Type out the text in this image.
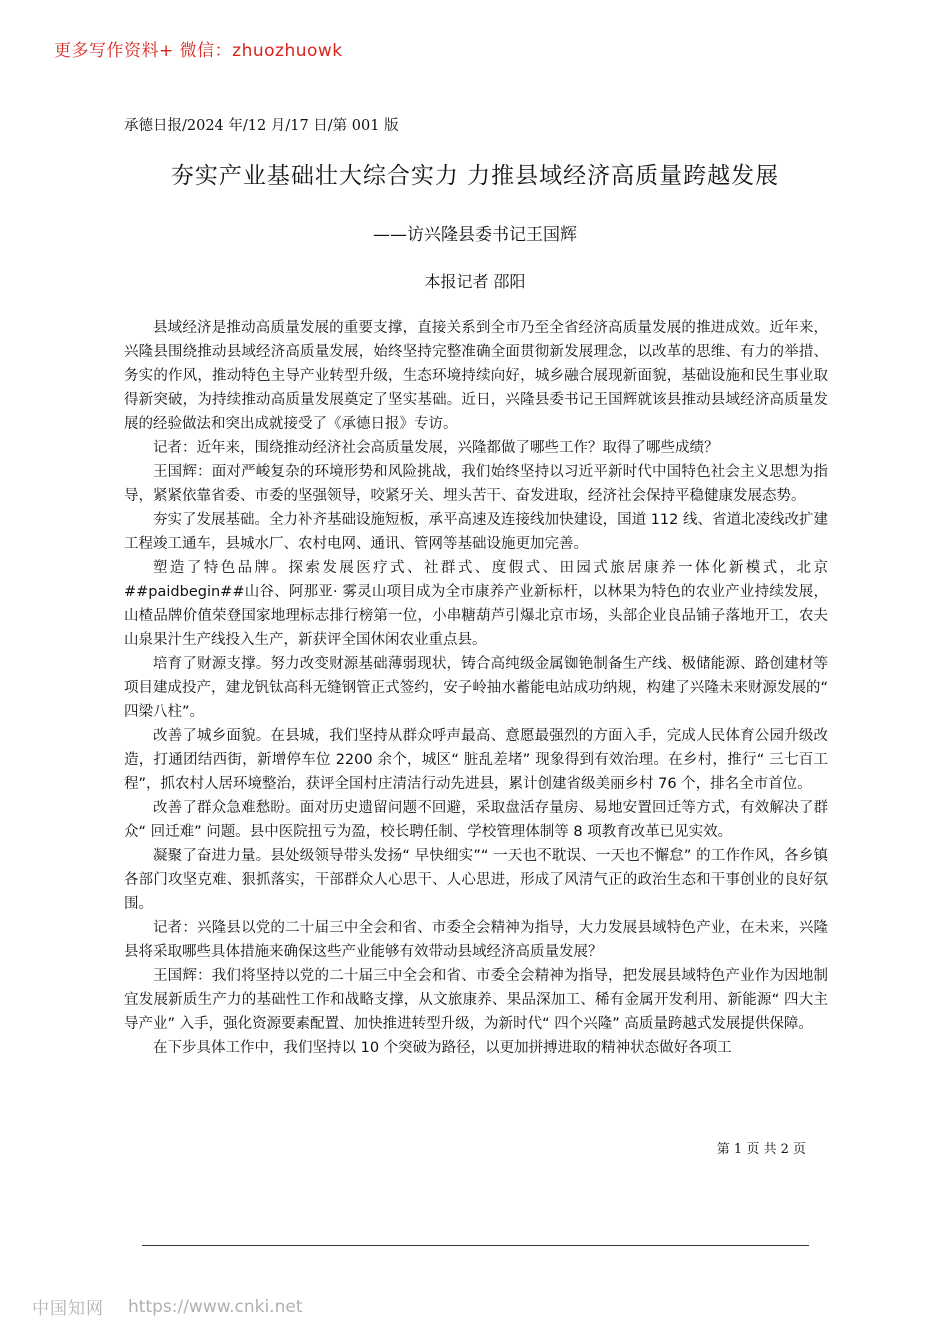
更多写作资料+ 微信：zhuozhuowk
承德日报/2024 年/12 月/17 日/第 001 版
夯实产业基础壮大综合实力 力推县域经济高质量跨越发展
——访兴隆县委书记王国辉
本报记者 邵阳

县域经济是推动高质量发展的重要支撑，直接关系到全市乃至全省经济高质量发展的推进成效。近年来，兴隆县围绕推动县域经济高质量发展，始终坚持完整准确全面贯彻新发展理念，以改革的思维、有力的举措、务实的作风，推动特色主导产业转型升级，生态环境持续向好，城乡融合展现新面貌，基础设施和民生事业取得新突破，为持续推动高质量发展奠定了坚实基础。近日，兴隆县委书记王国辉就该县推动县域经济高质量发展的经验做法和突出成就接受了《承德日报》专访。

记者：近年来，围绕推动经济社会高质量发展，兴隆都做了哪些工作？取得了哪些成绩？

王国辉：面对严峻复杂的环境形势和风险挑战，我们始终坚持以习近平新时代中国特色社会主义思想为指导，紧紧依靠省委、市委的坚强领导，咬紧牙关、埋头苦干、奋发进取，经济社会保持平稳健康发展态势。

夯实了发展基础。全力补齐基础设施短板，承平高速及连接线加快建设，国道 112 线、省道北凌线改扩建工程竣工通车，县城水厂、农村电网、通讯、管网等基础设施更加完善。

塑造了特色品牌。探索发展医疗式、社群式、度假式、田园式旅居康养一体化新模式，北京##paidbegin##山谷、阿那亚· 雾灵山项目成为全市康养产业新标杆，以林果为特色的农业产业持续发展，山楂品牌价值荣登国家地理标志排行榜第一位，小串糖葫芦引爆北京市场，头部企业良品铺子落地开工，农夫山泉果汁生产线投入生产，新获评全国休闲农业重点县。

培育了财源支撑。努力改变财源基础薄弱现状，铸合高纯级金属铷铯制备生产线、极储能源、路创建材等项目建成投产，建龙钒钛高科无缝钢管正式签约，安子岭抽水蓄能电站成功纳规，构建了兴隆未来财源发展的“ 四梁八柱”。

改善了城乡面貌。在县城，我们坚持从群众呼声最高、意愿最强烈的方面入手，完成人民体育公园升级改造，打通团结西街，新增停车位 2200 余个，城区“ 脏乱差堵” 现象得到有效治理。在乡村，推行“ 三七百工程”，抓农村人居环境整治，获评全国村庄清洁行动先进县，累计创建省级美丽乡村 76 个，排名全市首位。

改善了群众急难愁盼。面对历史遗留问题不回避，采取盘活存量房、易地安置回迁等方式，有效解决了群众“ 回迁难” 问题。县中医院扭亏为盈，校长聘任制、学校管理体制等 8 项教育改革已见实效。

凝聚了奋进力量。县处级领导带头发扬“ 早快细实”“ 一天也不耽误、一天也不懈怠” 的工作作风，各乡镇各部门攻坚克难、狠抓落实，干部群众人心思干、人心思进，形成了风清气正的政治生态和干事创业的良好氛围。

记者：兴隆县以党的二十届三中全会和省、市委全会精神为指导，大力发展县域特色产业，在未来，兴隆县将采取哪些具体措施来确保这些产业能够有效带动县域经济高质量发展？

王国辉：我们将坚持以党的二十届三中全会和省、市委全会精神为指导，把发展县域特色产业作为因地制宜发展新质生产力的基础性工作和战略支撑，从文旅康养、果品深加工、稀有金属开发利用、新能源“ 四大主导产业” 入手，强化资源要素配置、加快推进转型升级，为新时代“ 四个兴隆” 高质量跨越式发展提供保障。

在下步具体工作中，我们坚持以 10 个突破为路径，以更加拼搏进取的精神状态做好各项工

第 1 页 共 2 页
中国知网 https://www.cnki.net
